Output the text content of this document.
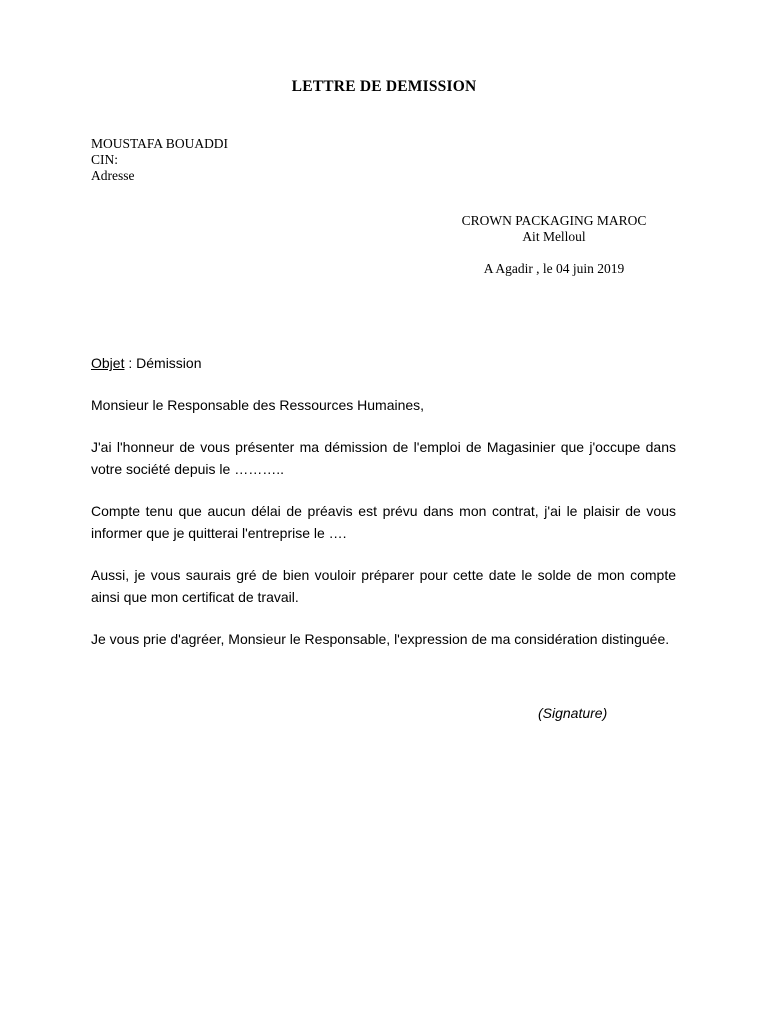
LETTRE DE DEMISSION
MOUSTAFA BOUADDI
CIN:
Adresse
CROWN PACKAGING MAROC
Ait Melloul
A Agadir , le 04 juin 2019
Objet : Démission
Monsieur le Responsable des Ressources Humaines,
J'ai l'honneur de vous présenter ma démission de l'emploi de Magasinier que j'occupe dans votre société depuis le ………..
Compte tenu que aucun délai de préavis est prévu dans mon contrat, j'ai le plaisir de vous informer que je quitterai l'entreprise le ….
Aussi, je vous saurais gré de bien vouloir préparer pour cette date le solde de mon compte ainsi que mon certificat de travail.
Je vous prie d'agréer, Monsieur le Responsable, l'expression de ma considération distinguée.
(Signature)
